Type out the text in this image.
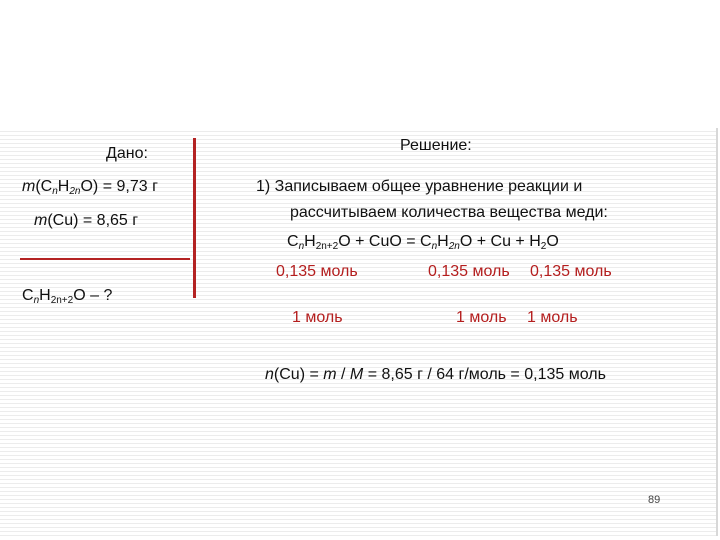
Дано:
m(CnH2nO) = 9,73 г
m(Cu) = 8,65 г
CnH2n+2O – ?
Решение:
1) Записываем общее уравнение реакции и
рассчитываем количества вещества меди:
CnH2n+2O + CuO = CnH2nO + Cu + H2O
0,135 моль	0,135 моль 0,135 моль
1 моль	1 моль 1 моль
n(Cu) = m / M = 8,65 г / 64 г/моль = 0,135 моль
89
